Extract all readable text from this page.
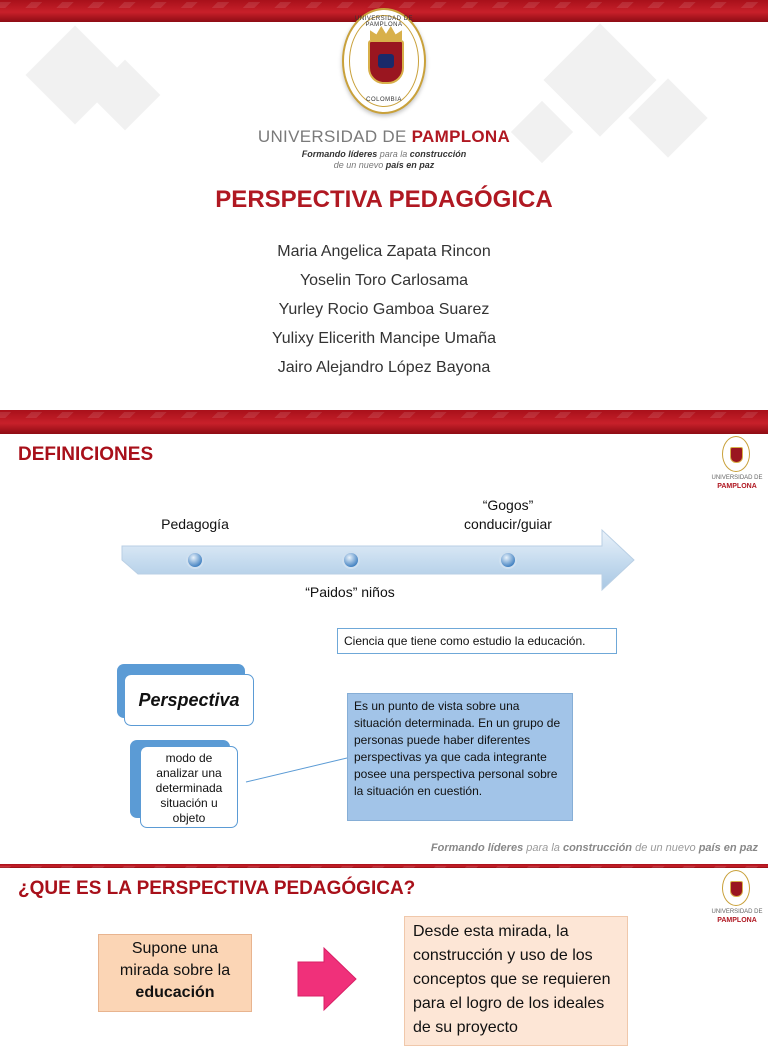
UNIVERSIDAD DE PAMPLONA
COLOMBIA
UNIVERSIDAD DE PAMPLONA
Formando líderes para la construcción
de un nuevo país en paz
PERSPECTIVA PEDAGÓGICA
Maria Angelica Zapata Rincon
Yoselin Toro Carlosama
Yurley Rocio Gamboa Suarez
Yulixy Elicerith Mancipe Umaña
Jairo Alejandro López Bayona
DEFINICIONES
UNIVERSIDAD DE
PAMPLONA
Pedagogía
“Paidos” niños
“Gogos”
conducir/guiar
Ciencia que tiene como estudio la educación.
Perspectiva
modo de
analizar una
determinada
situación u
objeto
Es un punto de vista sobre una situación determinada. En un grupo de personas puede haber diferentes perspectivas ya que cada integrante posee una perspectiva personal sobre la situación en cuestión.
Formando líderes para la construcción de un nuevo país en paz
¿QUE ES LA PERSPECTIVA PEDAGÓGICA?
UNIVERSIDAD DE
PAMPLONA
Supone una
mirada sobre la
educación
Desde esta mirada, la construcción y uso de los conceptos que se requieren para el logro de los ideales de su proyecto
